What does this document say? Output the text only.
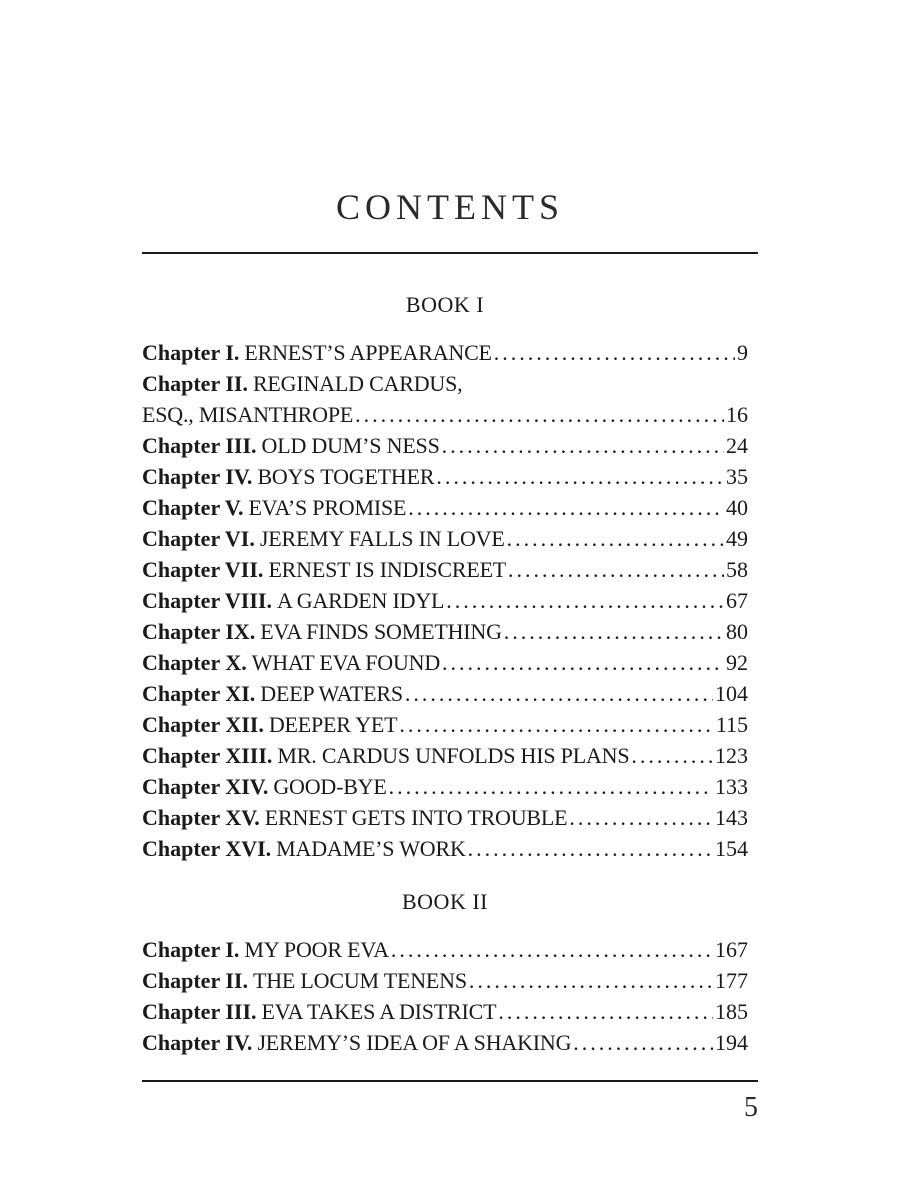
CONTENTS
BOOK I
Chapter I. ERNEST’S APPEARANCE .....	9
Chapter II. REGINALD CARDUS,
ESQ., MISANTHROPE .....	16
Chapter III. OLD DUM’S NESS .....	24
Chapter IV. BOYS TOGETHER .....	35
Chapter V. EVA’S PROMISE .....	40
Chapter VI. JEREMY FALLS IN LOVE .....	49
Chapter VII. ERNEST IS INDISCREET .....	58
Chapter VIII. A GARDEN IDYL .....	67
Chapter IX. EVA FINDS SOMETHING .....	80
Chapter X. WHAT EVA FOUND .....	92
Chapter XI. DEEP WATERS .....	104
Chapter XII. DEEPER YET .....	115
Chapter XIII. MR. CARDUS UNFOLDS HIS PLANS .....	123
Chapter XIV. GOOD-BYE .....	133
Chapter XV. ERNEST GETS INTO TROUBLE .....	143
Chapter XVI. MADAME’S WORK .....	154
BOOK II
Chapter I. MY POOR EVA .....	167
Chapter II. THE LOCUM TENENS .....	177
Chapter III. EVA TAKES A DISTRICT .....	185
Chapter IV. JEREMY’S IDEA OF A SHAKING .....	194
5
